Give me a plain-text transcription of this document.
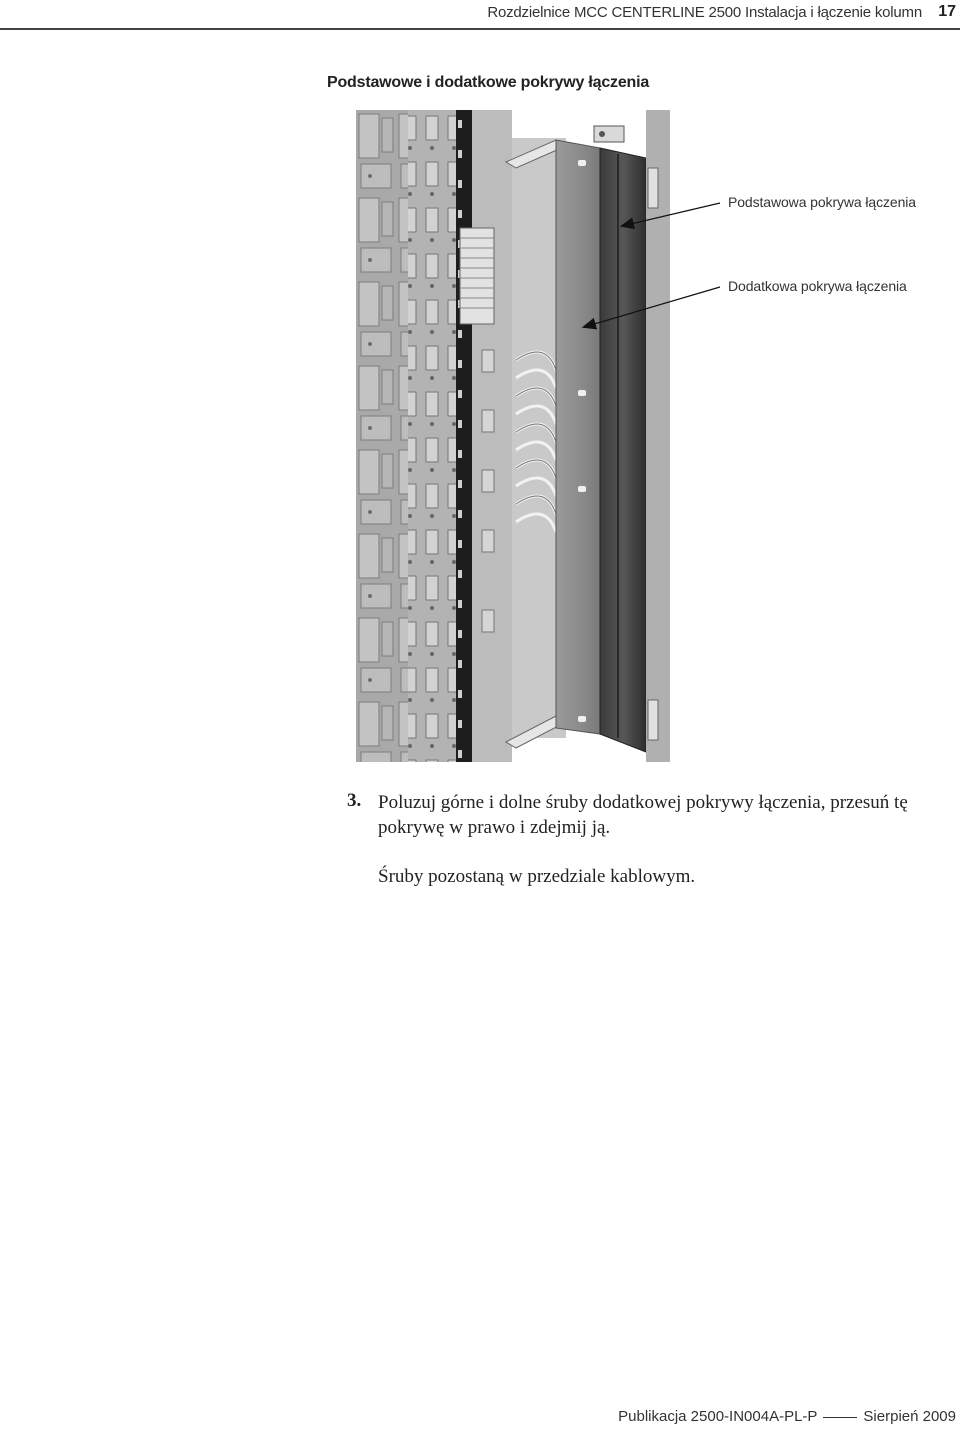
Rozdzielnice MCC CENTERLINE 2500 Instalacja i łączenie kolumn 17
Podstawowe i dodatkowe pokrywy łączenia
Podstawowa pokrywa łączenia
Dodatkowa pokrywa łączenia
3. Poluzuj górne i dolne śruby dodatkowej pokrywy łączenia, przesuń tę pokrywę w prawo i zdejmij ją.
Śruby pozostaną w przedziale kablowym.
Publikacja 2500-IN004A-PL-P	Sierpień 2009
